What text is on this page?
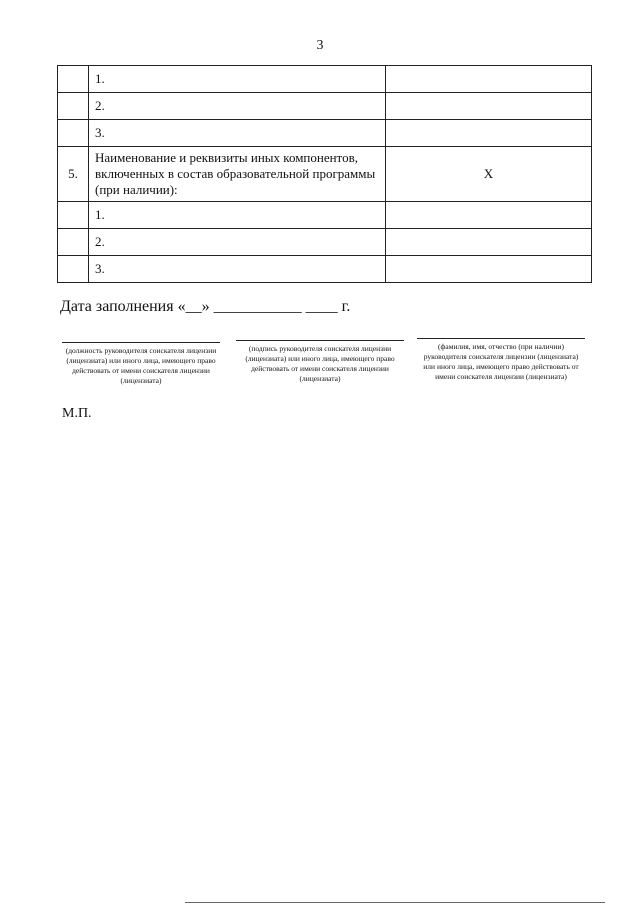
3
	1.	
	2.	
	3.	
5.	Наименование и реквизиты иных компонентов, включенных в состав образовательной программы (при наличии):	X
	1.	
	2.	
	3.	
Дата заполнения «__» ___________ ____ г.
(должность руководителя соискателя лицензии (лицензиата) или иного лица, имеющего право действовать от имени соискателя лицензии (лицензиата)
(подпись руководителя соискателя лицензии (лицензиата) или иного лица, имеющего право действовать от имени соискателя лицензии (лицензиата)
(фамилия, имя, отчество (при наличии) руководителя соискателя лицензии (лицензиата) или иного лица, имеющего право действовать от имени соискателя лицензии (лицензиата)
М.П.
